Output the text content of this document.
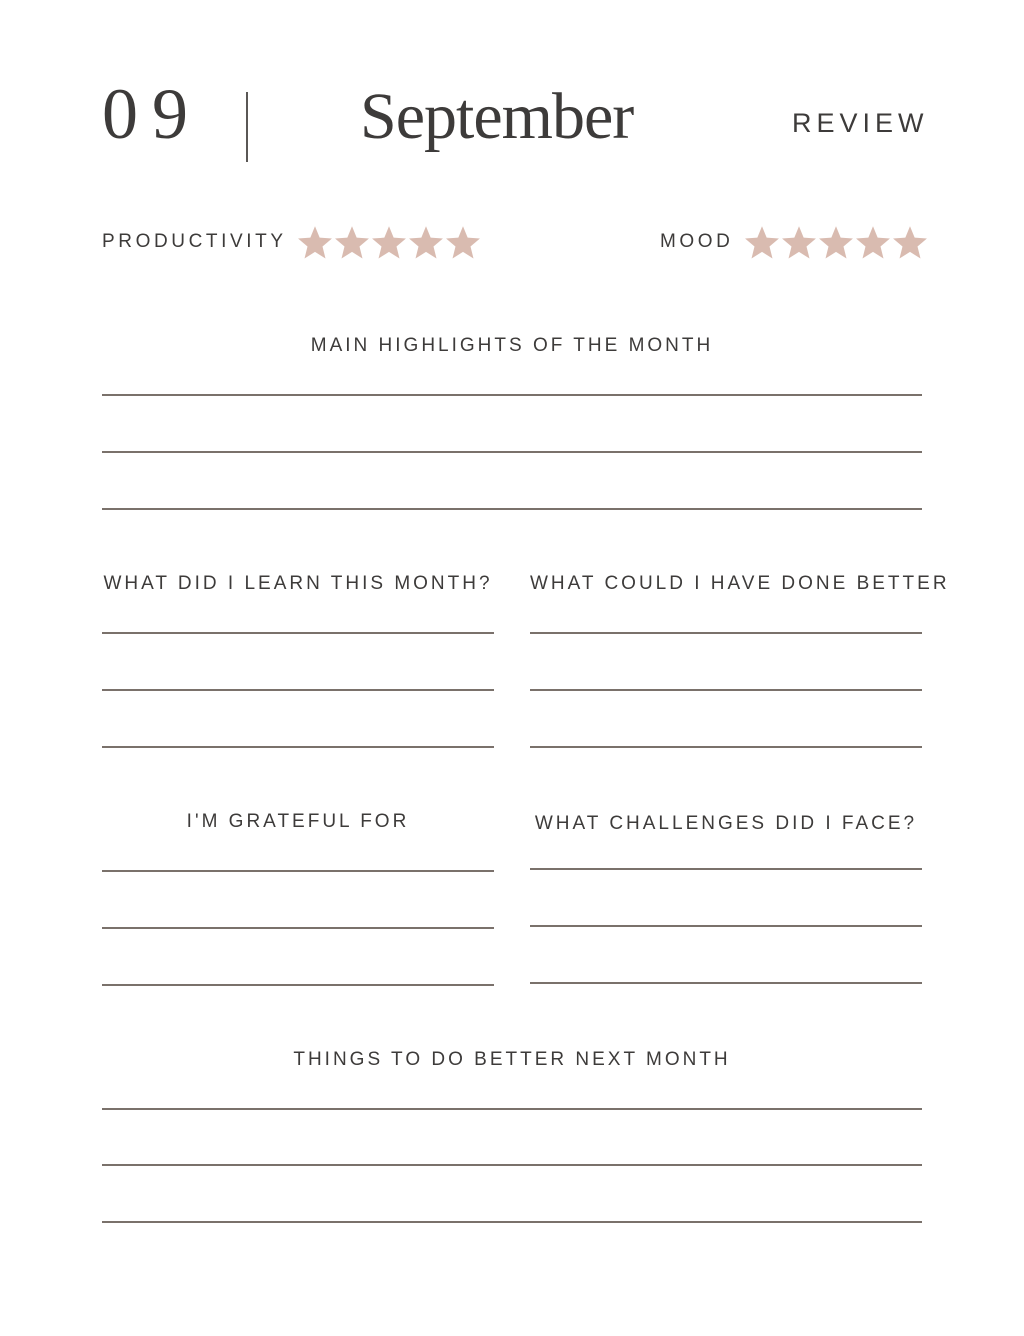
09 September	REVIEW
PRODUCTIVITY	MOOD
MAIN HIGHLIGHTS OF THE MONTH
WHAT DID I LEARN THIS MONTH? WHAT COULD I HAVE DONE BETTER
I'M GRATEFUL FOR	WHAT CHALLENGES DID I FACE?
THINGS TO DO BETTER NEXT MONTH
